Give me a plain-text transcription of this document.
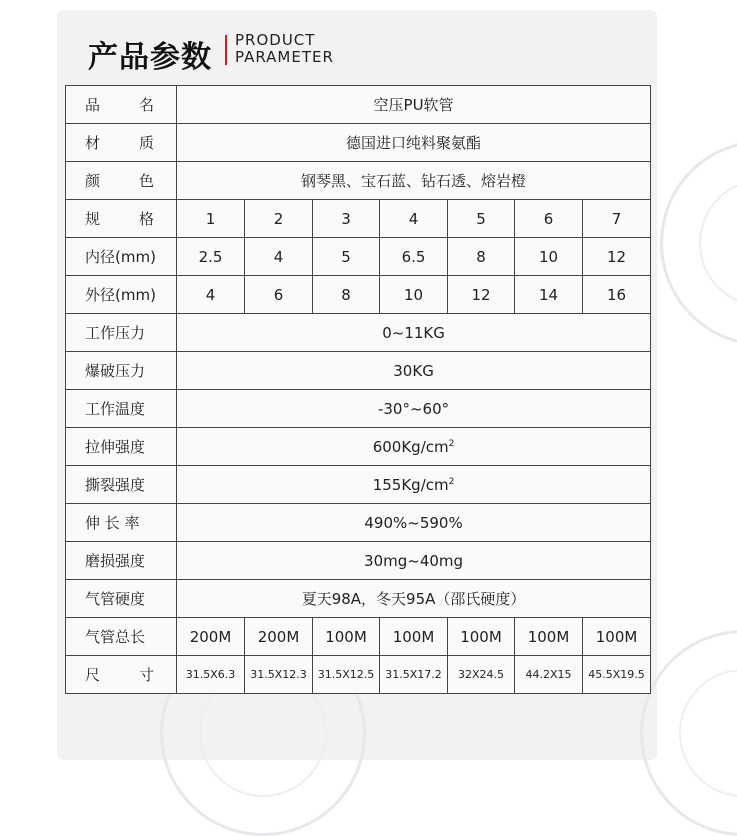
产品参数 PRODUCT
PARAMETER
品 名	空压PU软管						

材 质	德国进口纯料聚氨酯						

颜 色	钢琴黑、宝石蓝、钻石透、熔岩橙						

规 格	1	2	3	4	5	6	7
内径(mm)	2.5	4	5	6.5	8	10	12
外径(mm)	4	6	8	10	12	14	16
工作压力	0~11KG						
爆破压力	30KG						
工作温度	-30°~60°						
拉伸强度	$600Kg/cm^2$
撕裂强度	$155Kg/cm^2$
伸 长 率	490%~590%						
磨损强度	30mg~40mg						
气管硬度	夏天98A，冬天95A（邵氏硬度）						
气管总长	200M	200M	100M	100M	100M	100M	100M

尺 寸	31.5X6.3	31.5X12.3	31.5X12.5	31.5X17.2	32X24.5	44.2X15	45.5X19.5
